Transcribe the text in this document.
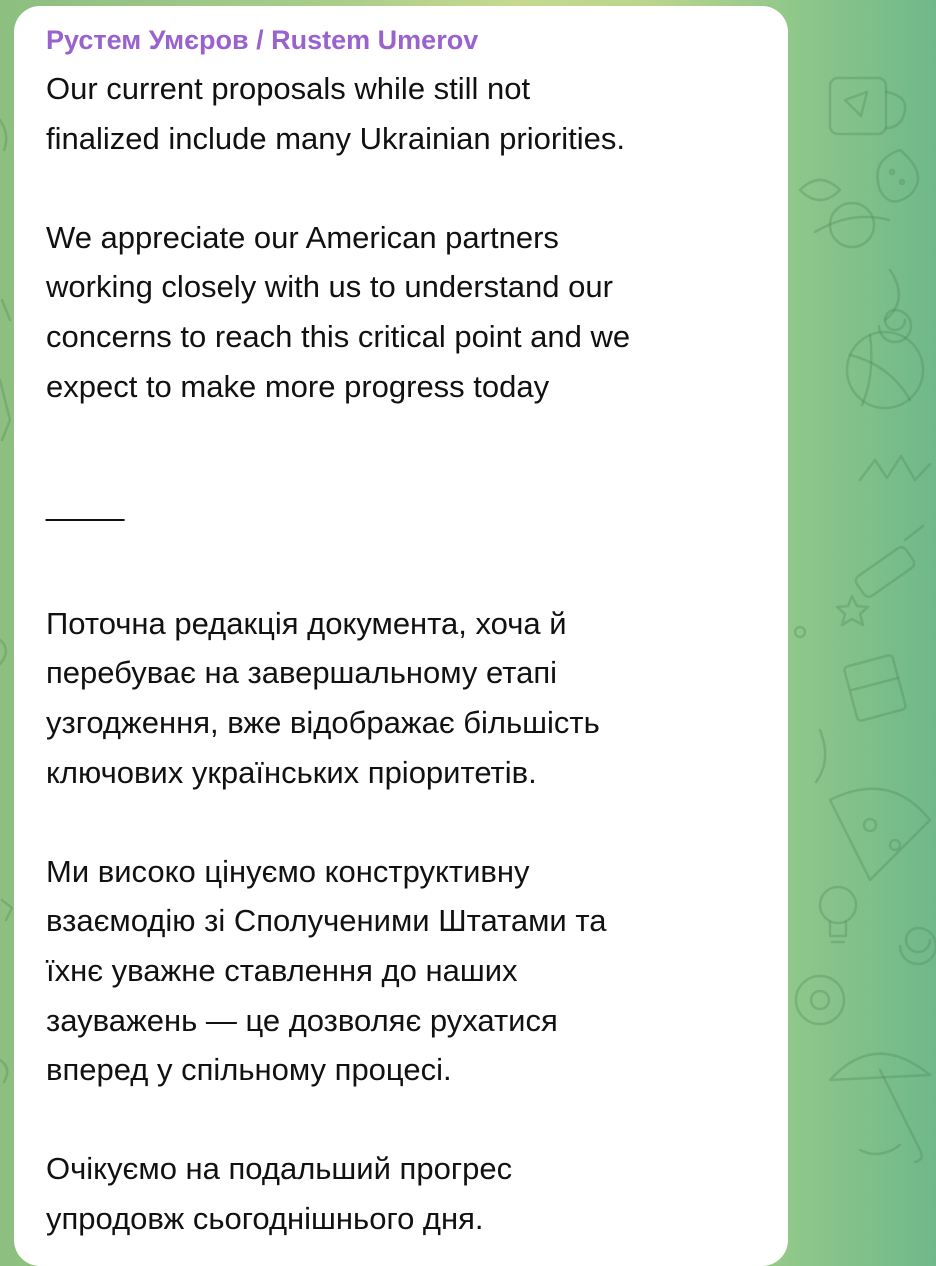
Рустем Умєров / Rustem Umerov

Our current proposals while still not
finalized include many Ukrainian priorities.

We appreciate our American partners
working closely with us to understand our
concerns to reach this critical point and we
expect to make more progress today

_____

Поточна редакція документа, хоча й
перебуває на завершальному етапі
узгодження, вже відображає більшість
ключових українських пріоритетів.

Ми високо цінуємо конструктивну
взаємодію зі Сполученими Штатами та
їхнє уважне ставлення до наших
зауважень — це дозволяє рухатися
вперед у спільному процесі.

Очікуємо на подальший прогрес
упродовж сьогоднішнього дня.
